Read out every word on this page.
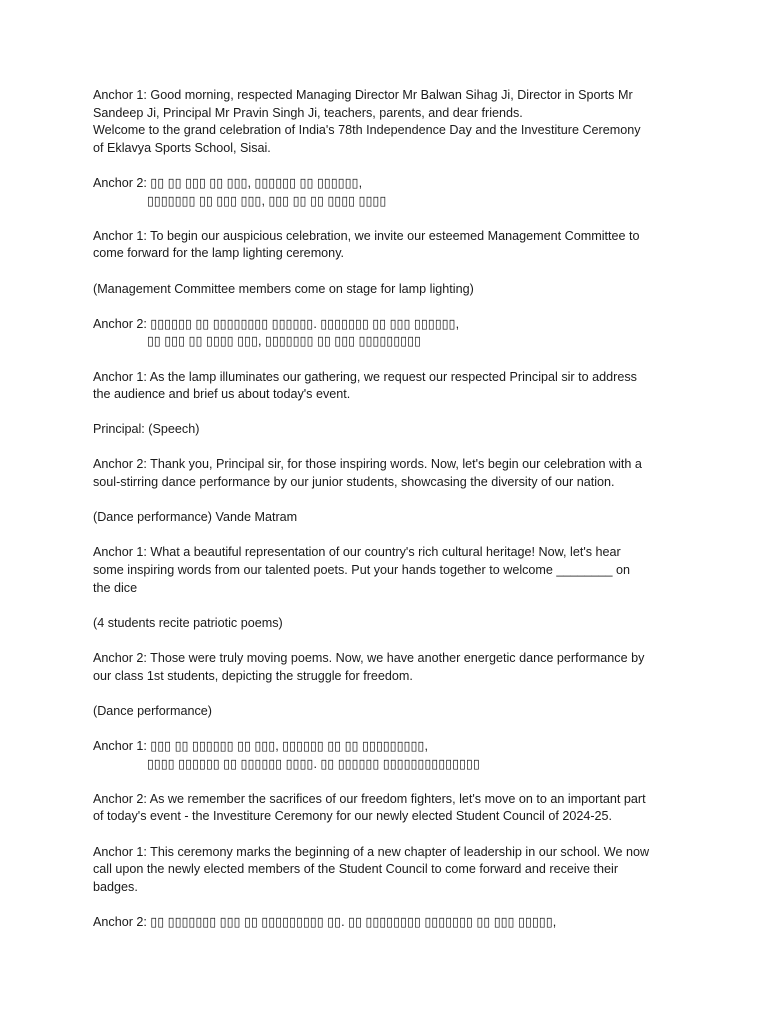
Anchor 1: Good morning, respected Managing Director Mr Balwan Sihag Ji, Director in Sports Mr
Sandeep Ji, Principal Mr Pravin Singh Ji, teachers, parents, and dear friends.
Welcome to the grand celebration of India's 78th Independence Day and the Investiture Ceremony
of Eklavya Sports School, Sisai.

Anchor 2: ▯▯ ▯▯ ▯▯▯ ▯▯ ▯▯▯, ▯▯▯▯▯▯ ▯▯ ▯▯▯▯▯▯,
▯▯▯▯▯▯▯ ▯▯ ▯▯▯ ▯▯▯, ▯▯▯ ▯▯ ▯▯ ▯▯▯▯ ▯▯▯▯

Anchor 1: To begin our auspicious celebration, we invite our esteemed Management Committee to
come forward for the lamp lighting ceremony.

(Management Committee members come on stage for lamp lighting)

Anchor 2: ▯▯▯▯▯▯ ▯▯ ▯▯▯▯▯▯▯▯ ▯▯▯▯▯▯. ▯▯▯▯▯▯▯ ▯▯ ▯▯▯ ▯▯▯▯▯▯,
▯▯ ▯▯▯ ▯▯ ▯▯▯▯ ▯▯▯, ▯▯▯▯▯▯▯ ▯▯ ▯▯▯ ▯▯▯▯▯▯▯▯▯

Anchor 1: As the lamp illuminates our gathering, we request our respected Principal sir to address
the audience and brief us about today's event.

Principal: (Speech)

Anchor 2: Thank you, Principal sir, for those inspiring words. Now, let's begin our celebration with a
soul-stirring dance performance by our junior students, showcasing the diversity of our nation.

(Dance performance) Vande Matram

Anchor 1: What a beautiful representation of our country's rich cultural heritage! Now, let's hear
some inspiring words from our talented poets. Put your hands together to welcome ________ on
the dice

(4 students recite patriotic poems)

Anchor 2: Those were truly moving poems. Now, we have another energetic dance performance by
our class 1st students, depicting the struggle for freedom.

(Dance performance)

Anchor 1: ▯▯▯ ▯▯ ▯▯▯▯▯▯ ▯▯ ▯▯▯, ▯▯▯▯▯▯ ▯▯ ▯▯ ▯▯▯▯▯▯▯▯▯,
▯▯▯▯ ▯▯▯▯▯▯ ▯▯ ▯▯▯▯▯▯ ▯▯▯▯. ▯▯ ▯▯▯▯▯▯ ▯▯▯▯▯▯▯▯▯▯▯▯▯▯

Anchor 2: As we remember the sacrifices of our freedom fighters, let's move on to an important part
of today's event - the Investiture Ceremony for our newly elected Student Council of 2024-25.

Anchor 1: This ceremony marks the beginning of a new chapter of leadership in our school. We now
call upon the newly elected members of the Student Council to come forward and receive their
badges.

Anchor 2: ▯▯ ▯▯▯▯▯▯▯ ▯▯▯ ▯▯ ▯▯▯▯▯▯▯▯▯ ▯▯. ▯▯ ▯▯▯▯▯▯▯▯ ▯▯▯▯▯▯▯ ▯▯ ▯▯▯ ▯▯▯▯▯,
